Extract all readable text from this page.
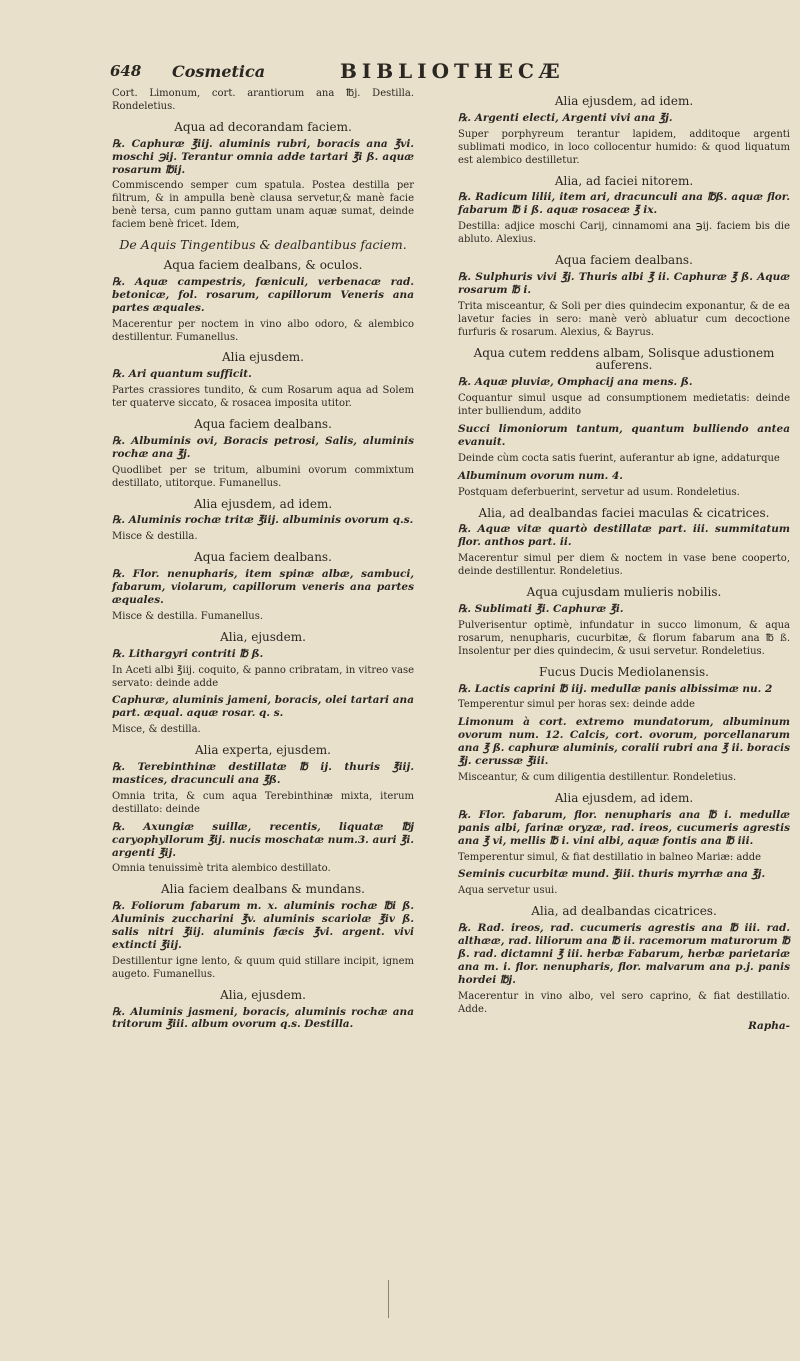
648 Cosmetica	BIBLIOTHECÆ

Cort. Limonum, cort. arantiorum ana ℔j. Destilla. Rondeletius.

Aqua ad decorandam faciem.

℞. Caphuræ ℥iij. aluminis rubri, boracis ana ℥vi. moschi ℈ij. Terantur omnia adde tartari ℥i ß. aquæ rosarum ℔ij.

Commiscendo semper cum spatula. Postea destilla per filtrum, & in ampulla benè clausa servetur,& manè facie benè tersa, cum panno guttam unam aquæ sumat, deinde faciem benè fricet. Idem,

De Aquis Tingentibus & dealbantibus faciem.

Aqua faciem dealbans, & oculos.

℞. Aquæ campestris, fœniculi, verbenacæ rad. betonicæ, fol. rosarum, capillorum Veneris ana partes æquales.

Macerentur per noctem in vino albo odoro, & alembico destillentur. Fumanellus.

Alia ejusdem.

℞. Ari quantum sufficit.

Partes crassiores tundito, & cum Rosarum aqua ad Solem ter quaterve siccato, & rosacea imposita utitor.

Aqua faciem dealbans.

℞. Albuminis ovi, Boracis petrosi, Salis, aluminis rochæ ana ℥j.

Quodlibet per se tritum, albumini ovorum commixtum destillato, utitorque. Fumanellus.

Alia ejusdem, ad idem.

℞. Aluminis rochæ tritæ ℥iij. albuminis ovorum q.s.

Misce & destilla.

Aqua faciem dealbans.

℞. Flor. nenupharis, item spinæ albæ, sambuci, fabarum, violarum, capillorum veneris ana partes æquales.

Misce & destilla. Fumanellus.

Alia, ejusdem.

℞. Lithargyri contriti ℔ ß.

In Aceti albi ℥iij. coquito, & panno cribratam, in vitreo vase servato: deinde adde

Caphuræ, aluminis jameni, boracis, olei tartari ana part. æqual. aquæ rosar. q. s.

Misce, & destilla.

Alia experta, ejusdem.

℞. Terebinthinæ destillatæ ℔ ij. thuris ℥iij. mastices, dracunculi ana ℥ß.

Omnia trita, & cum aqua Terebinthinæ mixta, iterum destillato: deinde

℞. Axungiæ suillæ, recentis, liquatæ ℔j caryophyllorum ℥ij. nucis moschatæ num.3. auri ℥i. argenti ℥ij.

Omnia tenuissimè trita alembico destillato.

Alia faciem dealbans & mundans.

℞. Foliorum fabarum m. x. aluminis rochæ ℔i ß. Aluminis zuccharini ℥v. aluminis scariolæ ℥iv ß. salis nitri ℥iij. aluminis fæcis ℥vi. argent. vivi extincti ℥iij.

Destillentur igne lento, & quum quid stillare incipit, ignem augeto. Fumanellus.

Alia, ejusdem.

℞. Aluminis jasmeni, boracis, aluminis rochæ ana tritorum ℥iii. album ovorum q.s. Destilla.

Alia ejusdem, ad idem.

℞. Argenti electi, Argenti vivi ana ℥j.

Super porphyreum terantur lapidem, additoque argenti sublimati modico, in loco collocentur humido: & quod liquatum est alembico destilletur.

Alia, ad faciei nitorem.

℞. Radicum lilii, item ari, dracunculi ana ℔ß. aquæ flor. fabarum ℔ i ß. aquæ rosaceæ ℥ ix.

Destilla: adjice moschi Carij, cinnamomi ana ℈ij. faciem bis die abluto. Alexius.

Aqua faciem dealbans.

℞. Sulphuris vivi ℥j. Thuris albi ℥ ii. Caphuræ ℥ ß. Aquæ rosarum ℔ i.

Trita misceantur, & Soli per dies quindecim exponantur, & de ea lavetur facies in sero: manè verò abluatur cum decoctione furfuris & rosarum. Alexius, & Bayrus.

Aqua cutem reddens albam, Solisque adustionem auferens.

℞. Aquæ pluviæ, Omphacij ana mens. ß.

Coquantur simul usque ad consumptionem medietatis: deinde inter bulliendum, addito

Succi limoniorum tantum, quantum bulliendo antea evanuit.

Deinde cùm cocta satis fuerint, auferantur ab igne, addaturque

Albuminum ovorum num. 4.

Postquam deferbuerint, servetur ad usum. Rondeletius.

Alia, ad dealbandas faciei maculas & cicatrices.

℞. Aquæ vitæ quartò destillatæ part. iii. summitatum flor. anthos part. ii.

Macerentur simul per diem & noctem in vase bene cooperto, deinde destillentur. Rondeletius.

Aqua cujusdam mulieris nobilis.

℞. Sublimati ℥i. Caphuræ ℥i.

Pulverisentur optimè, infundatur in succo limonum, & aqua rosarum, nenupharis, cucurbitæ, & florum fabarum ana ℔ ß. Insolentur per dies quindecim, & usui servetur. Rondeletius.

Fucus Ducis Mediolanensis.

℞. Lactis caprini ℔ iij. medullæ panis albissimæ nu. 2

Temperentur simul per horas sex: deinde adde

Limonum à cort. extremo mundatorum, albuminum ovorum num. 12. Calcis, cort. ovorum, porcellanarum ana ℥ ß. caphuræ aluminis, coralii rubri ana ℥ ii. boracis ℥j. cerussæ ℥iii.

Misceantur, & cum diligentia destillentur. Rondeletius.

Alia ejusdem, ad idem.

℞. Flor. fabarum, flor. nenupharis ana ℔ i. medullæ panis albi, farinæ oryzæ, rad. ireos, cucumeris agrestis ana ℥ vi, mellis ℔ i. vini albi, aquæ fontis ana ℔ iii.

Temperentur simul, & fiat destillatio in balneo Mariæ: adde

Seminis cucurbitæ mund. ℥iii. thuris myrrhæ ana ℥j.

Aqua servetur usui.

Alia, ad dealbandas cicatrices.

℞. Rad. ireos, rad. cucumeris agrestis ana ℔ iii. rad. althææ, rad. liliorum ana ℔ ii. racemorum maturorum ℔ ß. rad. dictamni ℥ iii. herbæ Fabarum, herbæ parietariæ ana m. i. flor. nenupharis, flor. malvarum ana p.j. panis hordei ℔j.

Macerentur in vino albo, vel sero caprino, & fiat destillatio. Adde.

Rapha-
